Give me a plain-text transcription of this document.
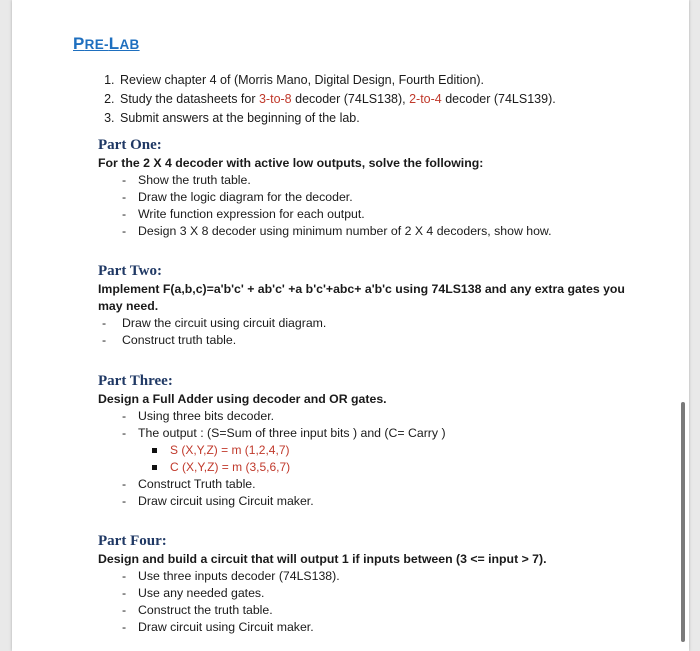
PRE-LAB
1. Review chapter 4 of (Morris Mano, Digital Design, Fourth Edition).
2. Study the datasheets for 3-to-8 decoder (74LS138), 2-to-4 decoder (74LS139).
3. Submit answers at the beginning of the lab.
Part One:

For the 2 X 4 decoder with active low outputs, solve the following:

- Show the truth table.
- Draw the logic diagram for the decoder.
- Write function expression for each output.
- Design 3 X 8 decoder using minimum number of 2 X 4 decoders, show how.
Part Two:

Implement F(a,b,c)=a'b'c' + ab'c' +a b'c'+abc+ a'b'c using 74LS138 and any extra gates you may need.

- Draw the circuit using circuit diagram.
- Construct truth table.
Part Three:

Design a Full Adder using decoder and OR gates.

- Using three bits decoder.
- The output : (S=Sum of three input bits ) and (C= Carry )
S (X,Y,Z) = m (1,2,4,7)
C (X,Y,Z) = m (3,5,6,7)
- Construct Truth table.
- Draw circuit using Circuit maker.
Part Four:

Design and build a circuit that will output 1 if inputs between (3 <= input > 7).

- Use three inputs decoder (74LS138).
- Use any needed gates.
- Construct the truth table.
- Draw circuit using Circuit maker.
